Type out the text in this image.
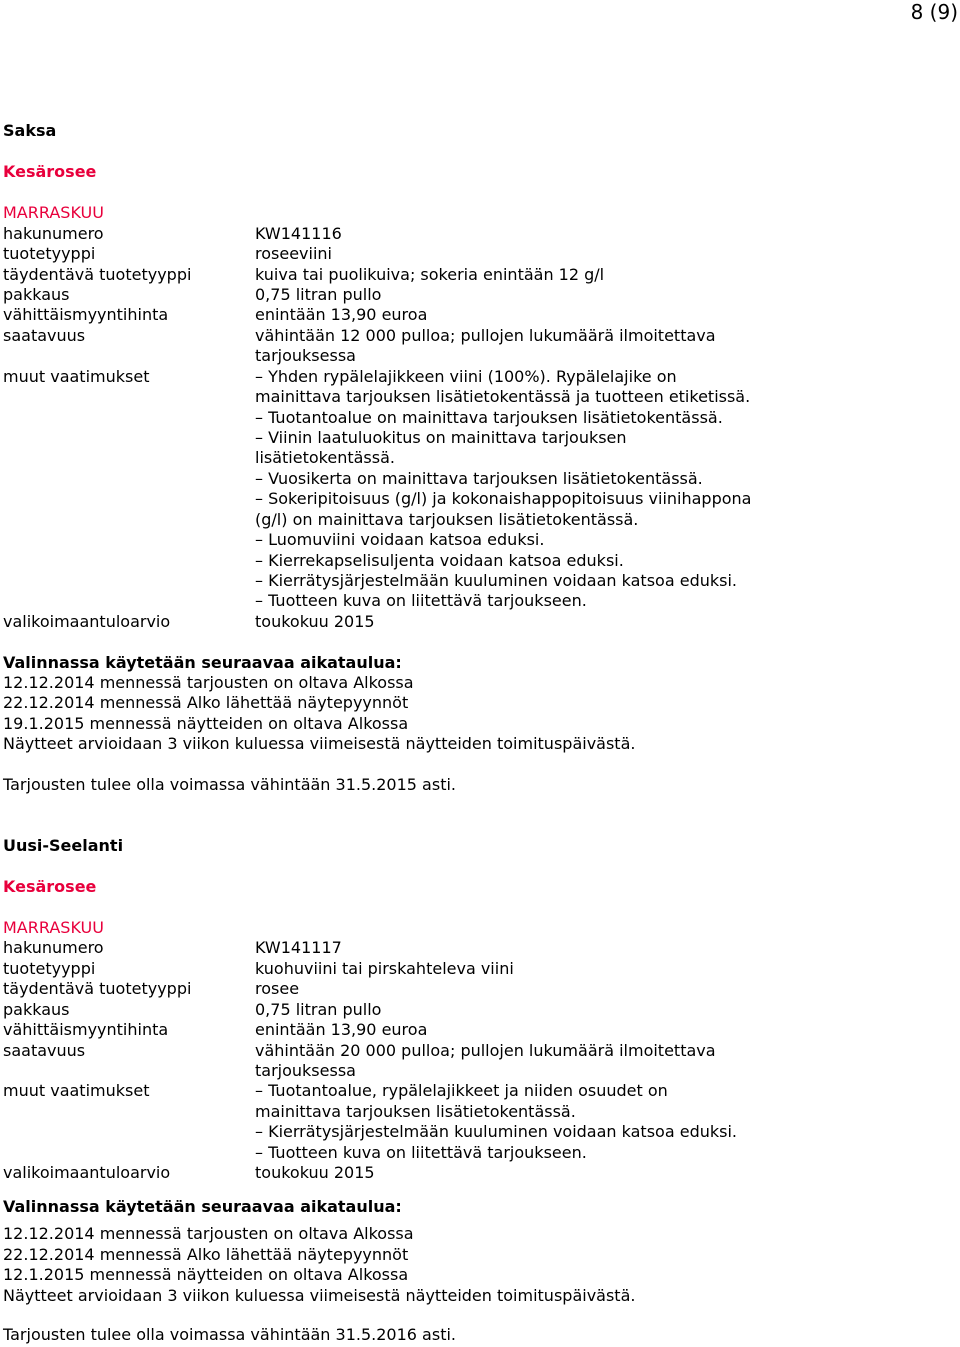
8 (9)
Saksa
Kesärosee
MARRASKUU
hakunumero	KW141116
tuotetyyppi	roseeviini
täydentävä tuotetyyppi	kuiva tai puolikuiva; sokeria enintään 12 g/l
pakkaus	0,75 litran pullo
vähittäismyyntihinta	enintään 13,90 euroa
saatavuus	vähintään 12 000 pulloa; pullojen lukumäärä ilmoitettava
tarjouksessa
muut vaatimukset	– Yhden rypälelajikkeen viini (100%). Rypälelajike on
mainittava tarjouksen lisätietokentässä ja tuotteen etiketissä.
– Tuotantoalue on mainittava tarjouksen lisätietokentässä.
– Viinin laatuluokitus on mainittava tarjouksen
lisätietokentässä.
– Vuosikerta on mainittava tarjouksen lisätietokentässä.
– Sokeripitoisuus (g/l) ja kokonaishappopitoisuus viinihappona
(g/l) on mainittava tarjouksen lisätietokentässä.
– Luomuviini voidaan katsoa eduksi.
– Kierrekapselisuljenta voidaan katsoa eduksi.
– Kierrätysjärjestelmään kuuluminen voidaan katsoa eduksi.
– Tuotteen kuva on liitettävä tarjoukseen.
valikoimaantuloarvio	toukokuu 2015
Valinnassa käytetään seuraavaa aikataulua:
12.12.2014 mennessä tarjousten on oltava Alkossa
22.12.2014 mennessä Alko lähettää näytepyynnöt
19.1.2015 mennessä näytteiden on oltava Alkossa
Näytteet arvioidaan 3 viikon kuluessa viimeisestä näytteiden toimituspäivästä.
Tarjousten tulee olla voimassa vähintään 31.5.2015 asti.
Uusi-Seelanti
Kesärosee
MARRASKUU
hakunumero	KW141117
tuotetyyppi	kuohuviini tai pirskahteleva viini
täydentävä tuotetyyppi	rosee
pakkaus	0,75 litran pullo
vähittäismyyntihinta	enintään 13,90 euroa
saatavuus	vähintään 20 000 pulloa; pullojen lukumäärä ilmoitettava
tarjouksessa
muut vaatimukset	– Tuotantoalue, rypälelajikkeet ja niiden osuudet on
mainittava tarjouksen lisätietokentässä.
– Kierrätysjärjestelmään kuuluminen voidaan katsoa eduksi.
– Tuotteen kuva on liitettävä tarjoukseen.
valikoimaantuloarvio	toukokuu 2015
Valinnassa käytetään seuraavaa aikataulua:
12.12.2014 mennessä tarjousten on oltava Alkossa
22.12.2014 mennessä Alko lähettää näytepyynnöt
12.1.2015 mennessä näytteiden on oltava Alkossa
Näytteet arvioidaan 3 viikon kuluessa viimeisestä näytteiden toimituspäivästä.
Tarjousten tulee olla voimassa vähintään 31.5.2016 asti.
